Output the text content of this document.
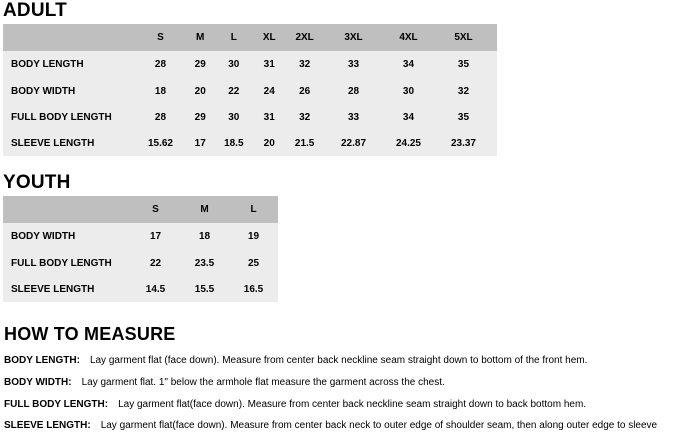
ADULT
	S	M	L	XL	2XL	3XL	4XL	5XL	
BODY LENGTH	28	29	30	31	32	33	34	35	
BODY WIDTH	18	20	22	24	26	28	30	32	
FULL BODY LENGTH	28	29	30	31	32	33	34	35	
SLEEVE LENGTH	15.62	17	18.5	20	21.5	22.87	24.25	23.37	
YOUTH
	S	M	L
BODY WIDTH	17	18	19
FULL BODY LENGTH	22	23.5	25
SLEEVE LENGTH	14.5	15.5	16.5
HOW TO MEASURE

BODY LENGTH: Lay garment flat (face down). Measure from center back neckline seam straight down to bottom of the front hem.

BODY WIDTH: Lay garment flat. 1" below the armhole flat measure the garment across the chest.

FULL BODY LENGTH: Lay garment flat(face down). Measure from center back neckline seam straight down to back bottom hem.

SLEEVE LENGTH: Lay garment flat(face down). Measure from center back neck to outer edge of shoulder seam, then along outer edge to sleeve
